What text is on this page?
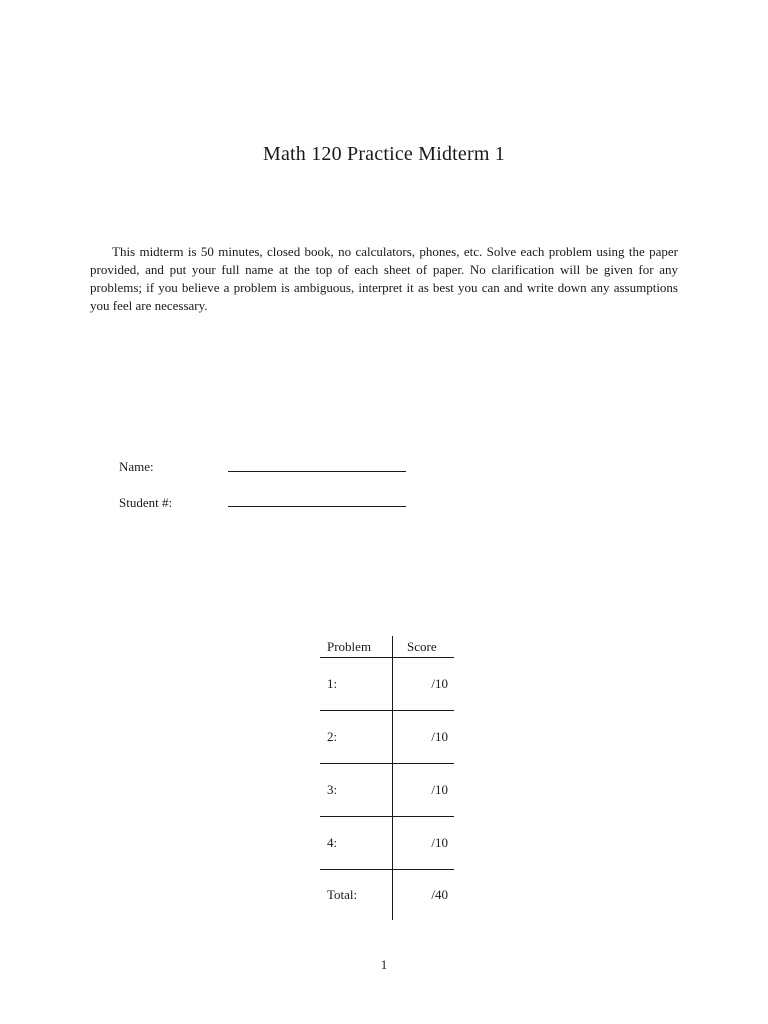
Math 120 Practice Midterm 1

This midterm is 50 minutes, closed book, no calculators, phones, etc. Solve each problem using the paper provided, and put your full name at the top of each sheet of paper. No clarification will be given for any problems; if you believe a problem is ambiguous, interpret it as best you can and write down any assumptions you feel are necessary.

Name:
Student #:
Problem	Score
1:	/10
2:	/10
3:	/10
4:	/10
Total:	/40
1
